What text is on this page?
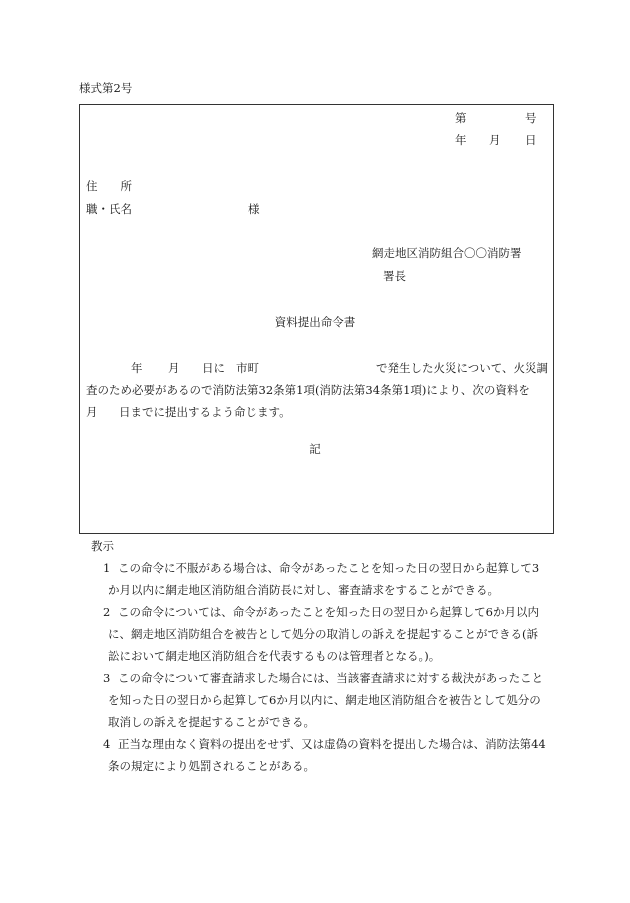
様式第2号
第	号
年 月 日
住　　所
職・氏名	様
網走地区消防組合〇〇消防署
署長
資料提出命令書
年 月 日に 市町	で発生した火災について、火災調
査のため必要があるので消防法第32条第1項(消防法第34条第1項)により、次の資料を
月 日までに提出するよう命じます。
記
教示
1 この命令に不服がある場合は、命令があったことを知った日の翌日から起算して3
か月以内に網走地区消防組合消防長に対し、審査請求をすることができる。
2 この命令については、命令があったことを知った日の翌日から起算して6か月以内
に、網走地区消防組合を被告として処分の取消しの訴えを提起することができる(訴
訟において網走地区消防組合を代表するものは管理者となる。)。
3 この命令について審査請求した場合には、当該審査請求に対する裁決があったこと
を知った日の翌日から起算して6か月以内に、網走地区消防組合を被告として処分の
取消しの訴えを提起することができる。
4 正当な理由なく資料の提出をせず、又は虚偽の資料を提出した場合は、消防法第44
条の規定により処罰されることがある。
